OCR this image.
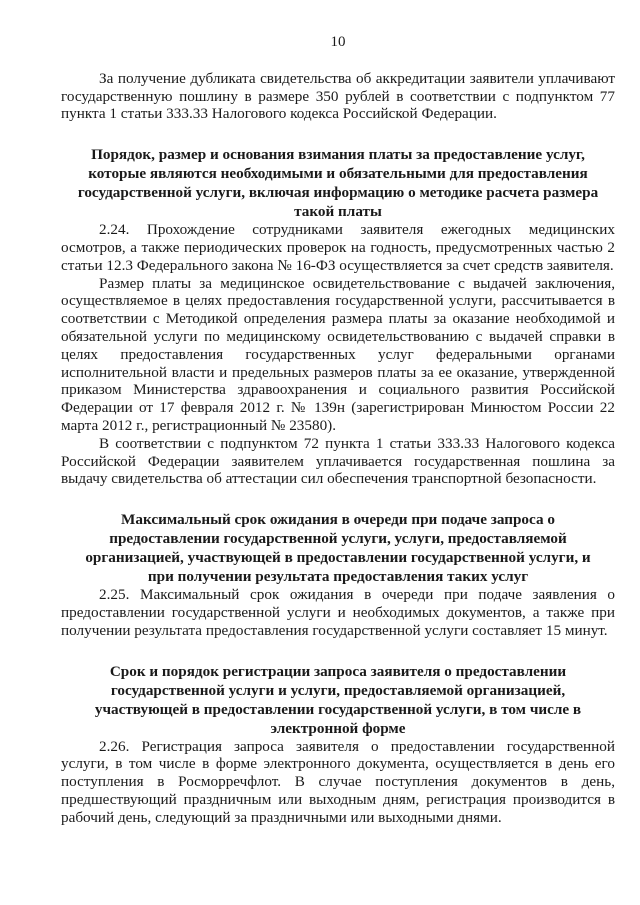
10

За получение дубликата свидетельства об аккредитации заявители уплачивают государственную пошлину в размере 350 рублей в соответствии с подпунктом 77 пункта 1 статьи 333.33 Налогового кодекса Российской Федерации.

Порядок, размер и основания взимания платы за предоставление услуг, которые являются необходимыми и обязательными для предоставления государственной услуги, включая информацию о методике расчета размера такой платы

2.24. Прохождение сотрудниками заявителя ежегодных медицинских осмотров, а также периодических проверок на годность, предусмотренных частью 2 статьи 12.3 Федерального закона № 16-ФЗ осуществляется за счет средств заявителя.

Размер платы за медицинское освидетельствование с выдачей заключения, осуществляемое в целях предоставления государственной услуги, рассчитывается в соответствии с Методикой определения размера платы за оказание необходимой и обязательной услуги по медицинскому освидетельствованию с выдачей справки в целях предоставления государственных услуг федеральными органами исполнительной власти и предельных размеров платы за ее оказание, утвержденной приказом Министерства здравоохранения и социального развития Российской Федерации от 17 февраля 2012 г. № 139н (зарегистрирован Минюстом России 22 марта 2012 г., регистрационный № 23580).

В соответствии с подпунктом 72 пункта 1 статьи 333.33 Налогового кодекса Российской Федерации заявителем уплачивается государственная пошлина за выдачу свидетельства об аттестации сил обеспечения транспортной безопасности.

Максимальный срок ожидания в очереди при подаче запроса о предоставлении государственной услуги, услуги, предоставляемой организацией, участвующей в предоставлении государственной услуги, и при получении результата предоставления таких услуг

2.25. Максимальный срок ожидания в очереди при подаче заявления о предоставлении государственной услуги и необходимых документов, а также при получении результата предоставления государственной услуги составляет 15 минут.

Срок и порядок регистрации запроса заявителя о предоставлении государственной услуги и услуги, предоставляемой организацией, участвующей в предоставлении государственной услуги, в том числе в электронной форме

2.26. Регистрация запроса заявителя о предоставлении государственной услуги, в том числе в форме электронного документа, осуществляется в день его поступления в Росморречфлот. В случае поступления документов в день, предшествующий праздничным или выходным дням, регистрация производится в рабочий день, следующий за праздничными или выходными днями.
